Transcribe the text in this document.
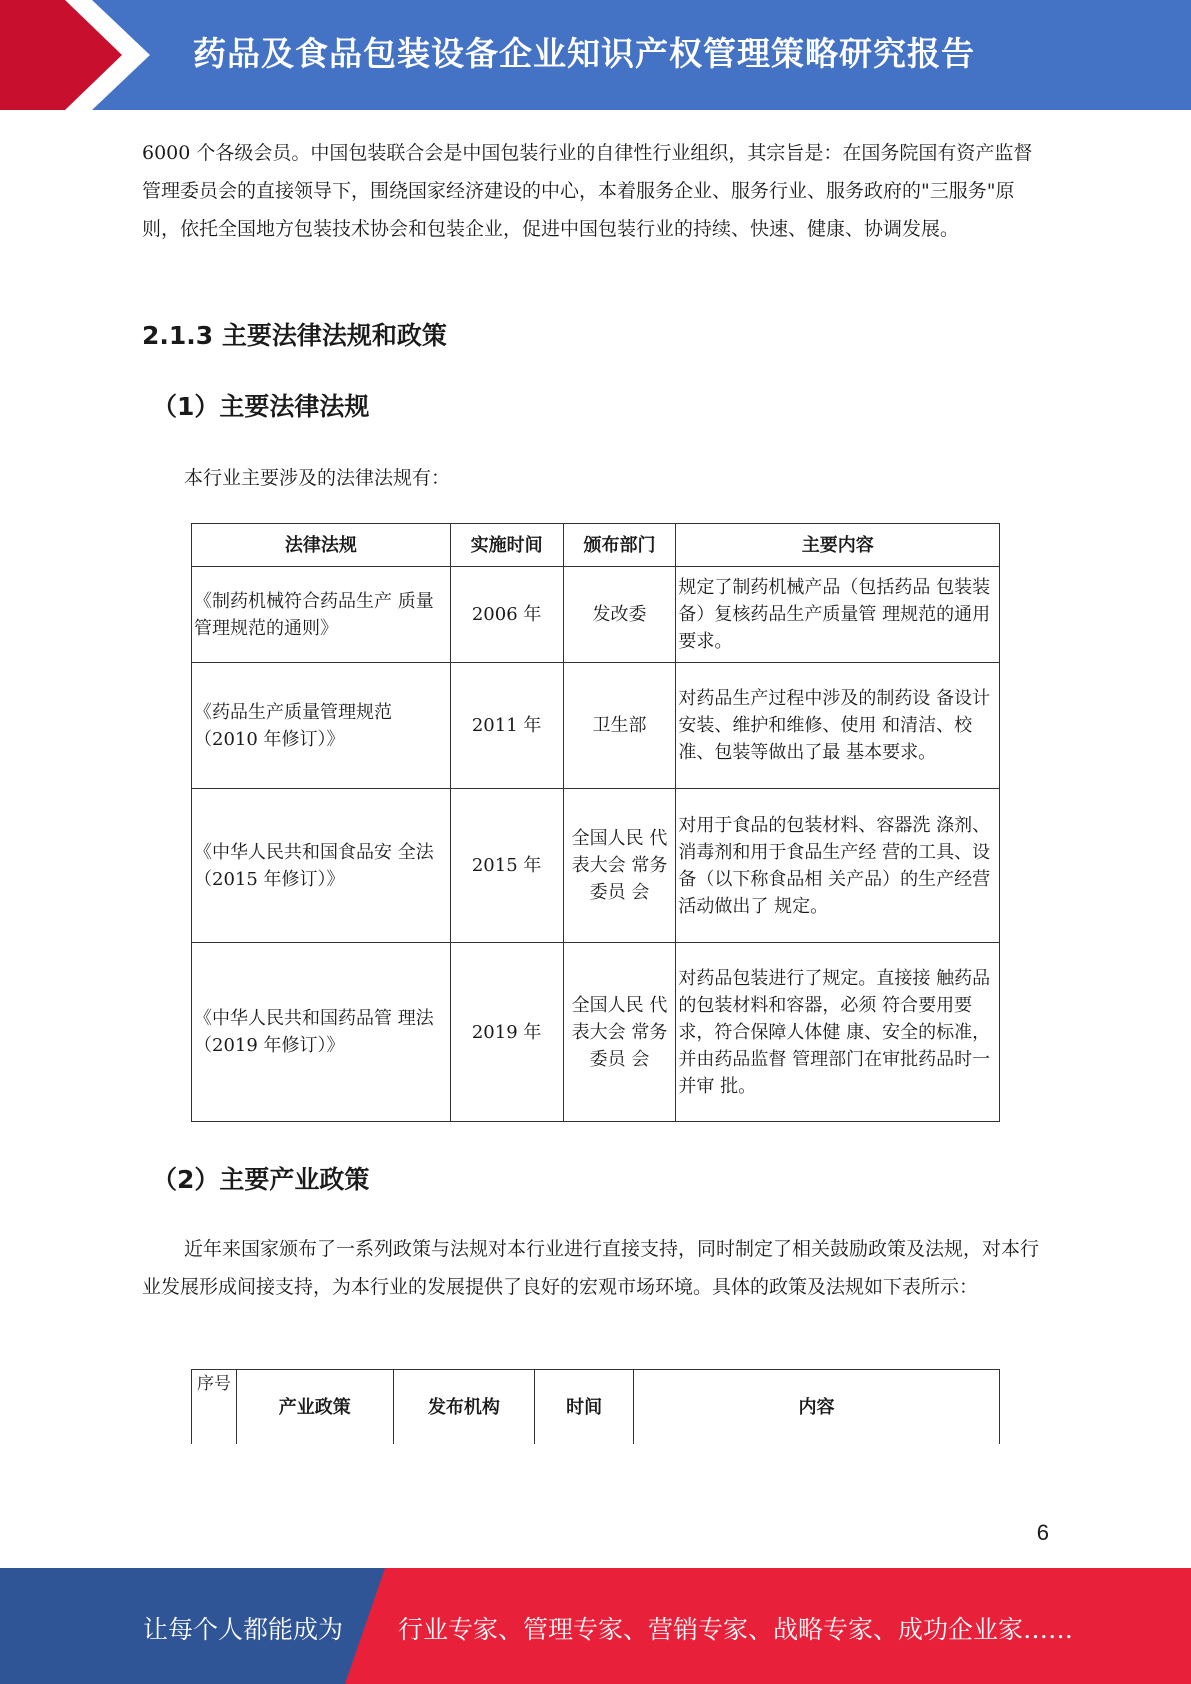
药品及食品包装设备企业知识产权管理策略研究报告

6000 个各级会员。中国包装联合会是中国包装行业的自律性行业组织，其宗旨是：在国务院国有资产监督管理委员会的直接领导下，围绕国家经济建设的中心，本着服务企业、服务行业、服务政府的"三服务"原则，依托全国地方包装技术协会和包装企业，促进中国包装行业的持续、快速、健康、协调发展。

2.1.3 主要法律法规和政策
（1）主要法律法规

本行业主要涉及的法律法规有：

法律法规	实施时间	颁布部门	主要内容
《制药机械符合药品生产 质量管理规范的通则》	2006 年	发改委	规定了制药机械产品（包括药品 包装装备）复核药品生产质量管 理规范的通用要求。
《药品生产质量管理规范（2010 年修订）》	2011 年	卫生部	对药品生产过程中涉及的制药设 备设计安装、维护和维修、使用 和清洁、校准、包装等做出了最 基本要求。
《中华人民共和国食品安 全法（2015 年修订）》	2015 年	全国人民 代表大会 常务委员 会	对用于食品的包装材料、容器洗 涤剂、消毒剂和用于食品生产经 营的工具、设备（以下称食品相 关产品）的生产经营活动做出了 规定。
《中华人民共和国药品管 理法（2019 年修订）》	2019 年	全国人民 代表大会 常务委员 会	对药品包装进行了规定。直接接 触药品的包装材料和容器，必须 符合要用要求，符合保障人体健 康、安全的标准，并由药品监督 管理部门在审批药品时一并审 批。
（2）主要产业政策

近年来国家颁布了一系列政策与法规对本行业进行直接支持，同时制定了相关鼓励政策及法规，对本行业发展形成间接支持，为本行业的发展提供了良好的宏观市场环境。具体的政策及法规如下表所示：

序号	产业政策	发布机构	时间	内容
6
让每个人都能成为 行业专家、管理专家、营销专家、战略专家、成功企业家……
